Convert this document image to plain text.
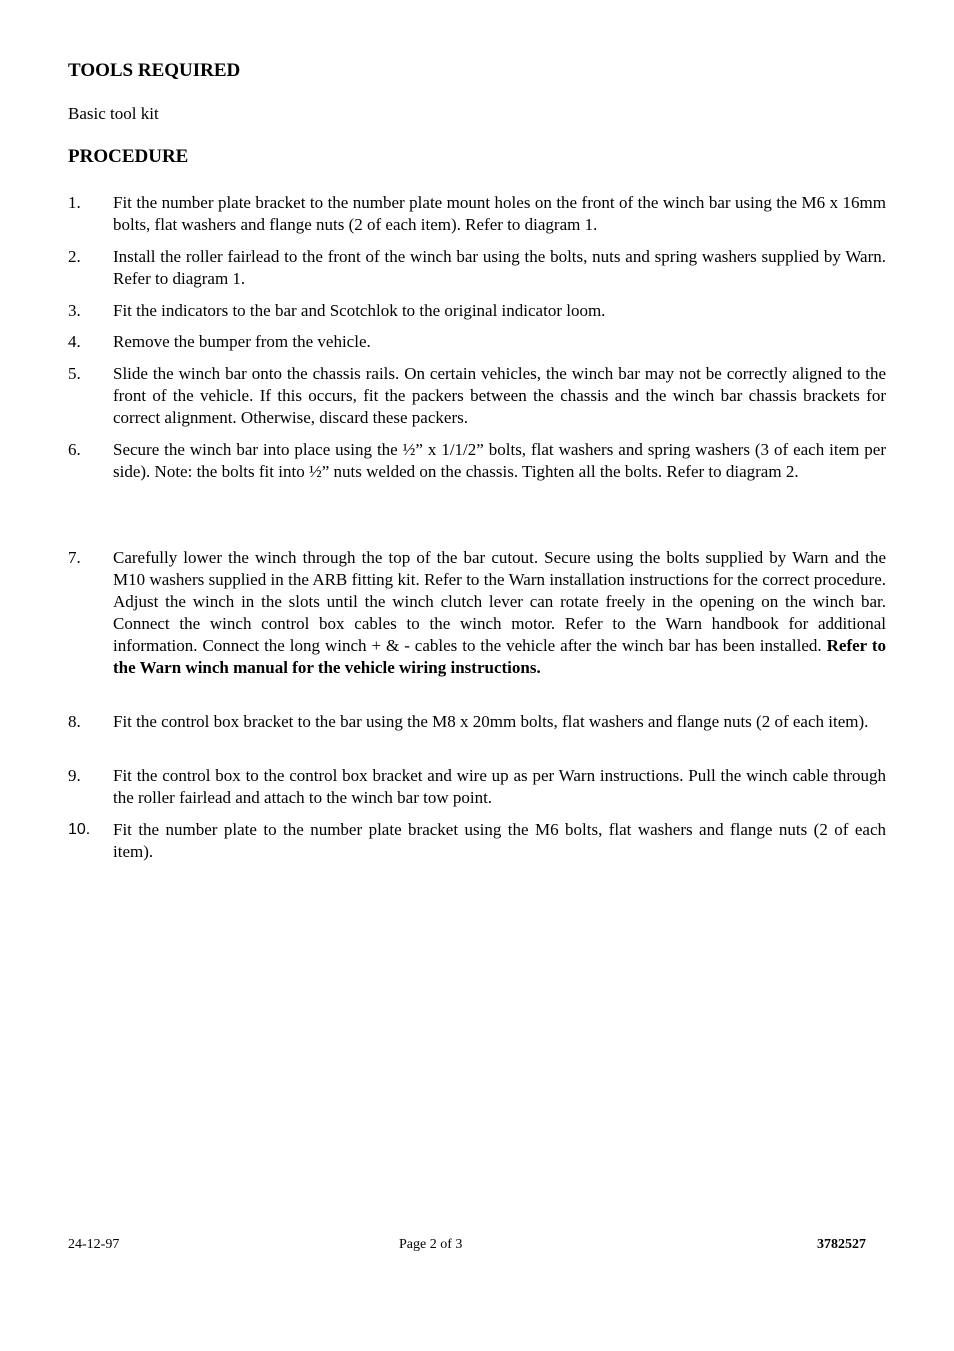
TOOLS REQUIRED

Basic tool kit

PROCEDURE
1. Fit the number plate bracket to the number plate mount holes on the front of the winch bar using the M6 x 16mm bolts, flat washers and flange nuts (2 of each item). Refer to diagram 1.
2. Install the roller fairlead to the front of the winch bar using the bolts, nuts and spring washers supplied by Warn. Refer to diagram 1.
3. Fit the indicators to the bar and Scotchlok to the original indicator loom.
4. Remove the bumper from the vehicle.
5. Slide the winch bar onto the chassis rails. On certain vehicles, the winch bar may not be correctly aligned to the front of the vehicle. If this occurs, fit the packers between the chassis and the winch bar chassis brackets for correct alignment. Otherwise, discard these packers.
6. Secure the winch bar into place using the ½” x 1/1/2” bolts, flat washers and spring washers (3 of each item per side). Note: the bolts fit into ½” nuts welded on the chassis. Tighten all the bolts. Refer to diagram 2.
7. Carefully lower the winch through the top of the bar cutout. Secure using the bolts supplied by Warn and the M10 washers supplied in the ARB fitting kit. Refer to the Warn installation instructions for the correct procedure. Adjust the winch in the slots until the winch clutch lever can rotate freely in the opening on the winch bar. Connect the winch control box cables to the winch motor. Refer to the Warn handbook for additional information. Connect the long winch + & - cables to the vehicle after the winch bar has been installed. Refer to the Warn winch manual for the vehicle wiring instructions.
8. Fit the control box bracket to the bar using the M8 x 20mm bolts, flat washers and flange nuts (2 of each item).
9. Fit the control box to the control box bracket and wire up as per Warn instructions. Pull the winch cable through the roller fairlead and attach to the winch bar tow point.
10. Fit the number plate to the number plate bracket using the M6 bolts, flat washers and flange nuts (2 of each item).
24-12-97	Page 2 of 3	3782527
